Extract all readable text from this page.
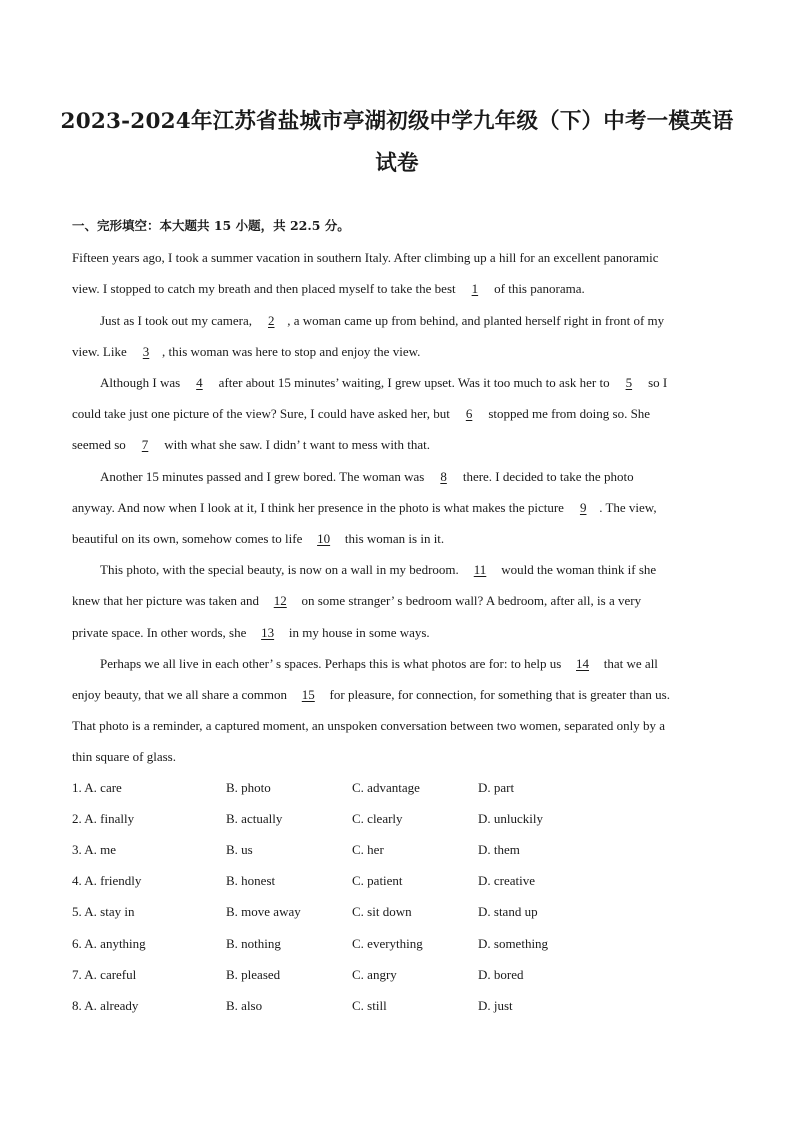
2023-2024年江苏省盐城市亭湖初级中学九年级（下）中考一模英语
试卷
一、完形填空：本大题共 15 小题，共 22.5 分。
Fifteen years ago, I took a summer vacation in southern Italy. After climbing up a hill for an excellent panoramic
view. I stopped to catch my breath and then placed myself to take the best 1 of this panorama.
Just as I took out my camera, 2 , a woman came up from behind, and planted herself right in front of my
view. Like 3 , this woman was here to stop and enjoy the view.
Although I was 4 after about 15 minutes’ waiting, I grew upset. Was it too much to ask her to 5 so I
could take just one picture of the view? Sure, I could have asked her, but 6 stopped me from doing so. She
seemed so 7 with what she saw. I didn’ t want to mess with that.
Another 15 minutes passed and I grew bored. The woman was 8 there. I decided to take the photo
anyway. And now when I look at it, I think her presence in the photo is what makes the picture 9 . The view,
beautiful on its own, somehow comes to life 10 this woman is in it.
This photo, with the special beauty, is now on a wall in my bedroom. 11 would the woman think if she
knew that her picture was taken and 12 on some stranger’ s bedroom wall? A bedroom, after all, is a very
private space. In other words, she 13 in my house in some ways.
Perhaps we all live in each other’ s spaces. Perhaps this is what photos are for: to help us 14 that we all
enjoy beauty, that we all share a common 15 for pleasure, for connection, for something that is greater than us.
That photo is a reminder, a captured moment, an unspoken conversation between two women, separated only by a
thin square of glass.
1. A. care	B. photo	C. advantage	D. part
2. A. finally	B. actually	C. clearly	D. unluckily
3. A. me	B. us	C. her	D. them
4. A. friendly	B. honest	C. patient	D. creative
5. A. stay in	B. move away	C. sit down	D. stand up
6. A. anything	B. nothing	C. everything	D. something
7. A. careful	B. pleased	C. angry	D. bored
8. A. already	B. also	C. still	D. just
